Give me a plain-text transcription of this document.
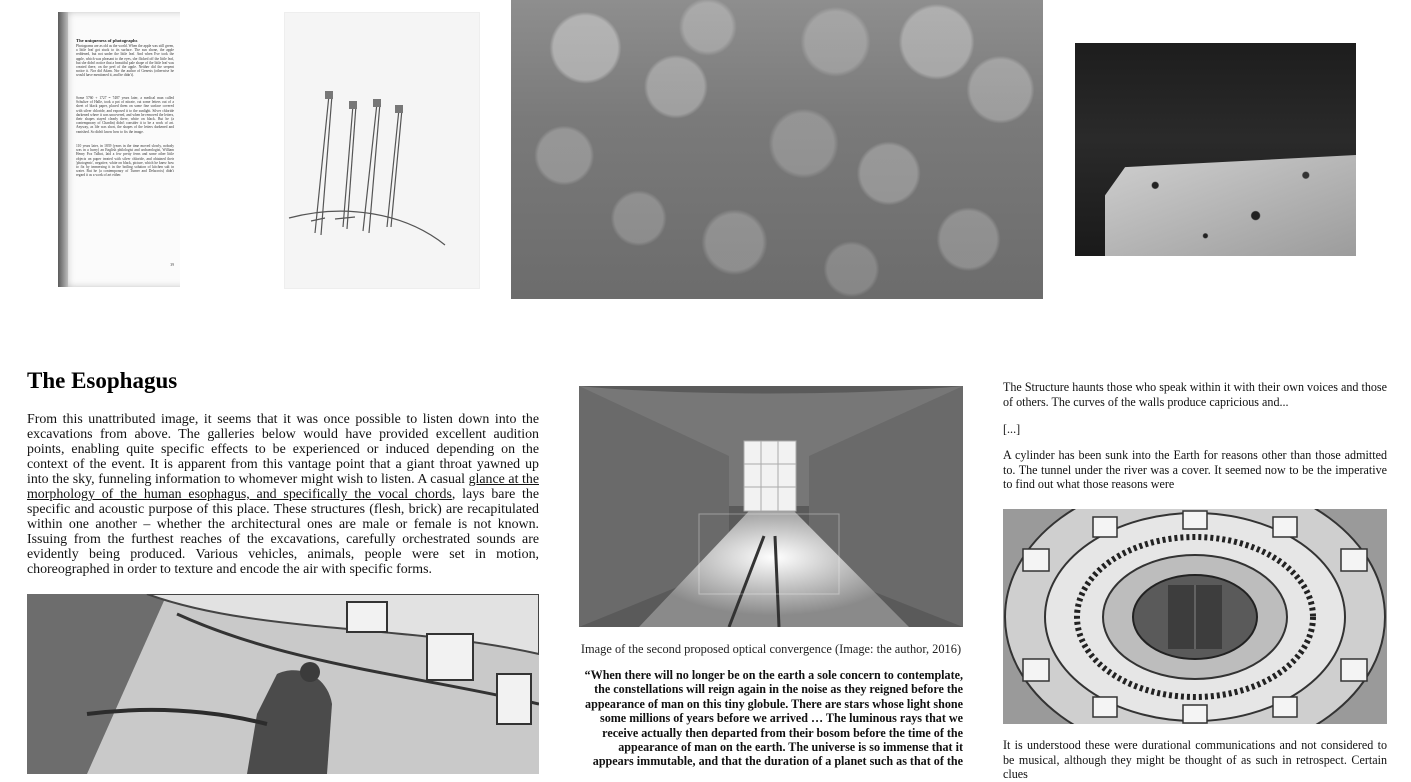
The uniqueness of photographs

Photograms are as old as the world. When the apple was still green, a little leaf got stuck to its surface. The sun shone, the apple reddened, but not under the little leaf. And when Eve took the apple, which was pleasant to the eyes, she flicked off the little leaf, but she didn't notice that a beautiful pale shape of the little leaf was created there, on the peel of the apple. Neither did the serpent notice it. Nor did Adam. Nor the author of Genesis (otherwise he would have mentioned it, and he didn't).

Some 5760 + 1727 = 7487 years later, a medical man called Schultze of Halle, took a pot of nitrate, cut some letters out of a sheet of black paper, placed them on some fine surface covered with silver chloride, and exposed it to the sunlight. Silver chloride darkened where it was uncovered, and when he removed the letters, their shapes stayed clearly there, white on black. But he (a contemporary of Chardin) didn't consider it to be a work of art. Anyway, as life was short, the shapes of the letters darkened and vanished. So didn't know how to fix the image.

110 years later, in 1839 (years in the time moved slowly, nobody was in a hurry) an English philologist and archaeologist, William Henry Fox Talbot, laid a few pretty ferns and some other little objects on paper treated with silver chloride, and obtained their 'photogenic', negative, white on black, picture, which he knew how to fix by immersing it in the boiling solution of kitchen salt in water. But he (a contemporary of Turner and Delacroix) didn't regard it as a work of art either.

39
The Esophagus

From this unattributed image, it seems that it was once possible to listen down into the excavations from above. The galleries below would have provided excellent audition points, enabling quite specific effects to be experienced or induced depending on the context of the event. It is apparent from this vantage point that a giant throat yawned up into the sky, funneling information to whomever might wish to listen. A casual glance at the morphology of the human esophagus, and specifically the vocal chords, lays bare the specific and acoustic purpose of this place. These structures (flesh, brick) are recapitulated within one another – whether the architectural ones are male or female is not known. Issuing from the furthest reaches of the excavations, carefully orchestrated sounds are evidently being produced. Various vehicles, animals, people were set in motion, choreographed in order to texture and encode the air with specific forms.

Image of the second proposed optical convergence (Image: the author, 2016)

“When there will no longer be on the earth a sole concern to contemplate, the constellations will reign again in the noise as they reigned before the appearance of man on this tiny globule. There are stars whose light shone some millions of years before we arrived … The luminous rays that we receive actually then departed from their bosom before the time of the appearance of man on the earth. The universe is so immense that it appears immutable, and that the duration of a planet such as that of the

The Structure haunts those who speak within it with their own voices and those of others. The curves of the walls produce capricious and...

[...]

A cylinder has been sunk into the Earth for reasons other than those admitted to. The tunnel under the river was a cover. It seemed now to be the imperative to find out what those reasons were

It is understood these were durational communications and not considered to be musical, although they might be thought of as such in retrospect. Certain clues
